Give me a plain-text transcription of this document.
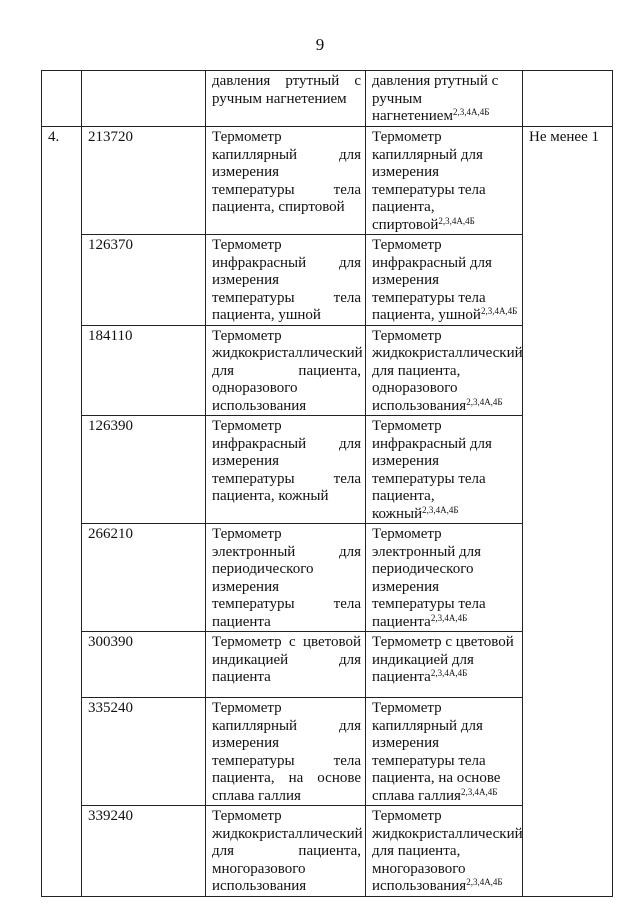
9
		давления ртутный с ручным нагнетением	давления ртутный с ручным нагнетением$^{2,3,4А,4Б}$	
4.	213720	Термометр капиллярный для измерения температуры тела пациента, спиртовой	Термометр капиллярный для измерения температуры тела пациента, спиртовой$^{2,3,4А,4Б}$	Не менее 1
	126370	Термометр инфракрасный для измерения температуры тела пациента, ушной	Термометр инфракрасный для измерения температуры тела пациента, ушной$^{2,3,4А,4Б}$
	184110	Термометр жидкокристаллический для пациента, одноразового использования	Термометр жидкокристаллический для пациента, одноразового использования$^{2,3,4А,4Б}$
	126390	Термометр инфракрасный для измерения температуры тела пациента, кожный	Термометр инфракрасный для измерения температуры тела пациента, кожный$^{2,3,4А,4Б}$
	266210	Термометр электронный для периодического измерения температуры тела пациента	Термометр электронный для периодического измерения температуры тела пациента$^{2,3,4А,4Б}$
	300390	Термометр с цветовой индикацией для пациента	Термометр с цветовой индикацией для пациента$^{2,3,4А,4Б}$
	335240	Термометр капиллярный для измерения температуры тела пациента, на основе сплава галлия	Термометр капиллярный для измерения температуры тела пациента, на основе сплава галлия$^{2,3,4А,4Б}$
	339240	Термометр жидкокристаллический для пациента, многоразового использования	Термометр жидкокристаллический для пациента, многоразового использования$^{2,3,4А,4Б}$
